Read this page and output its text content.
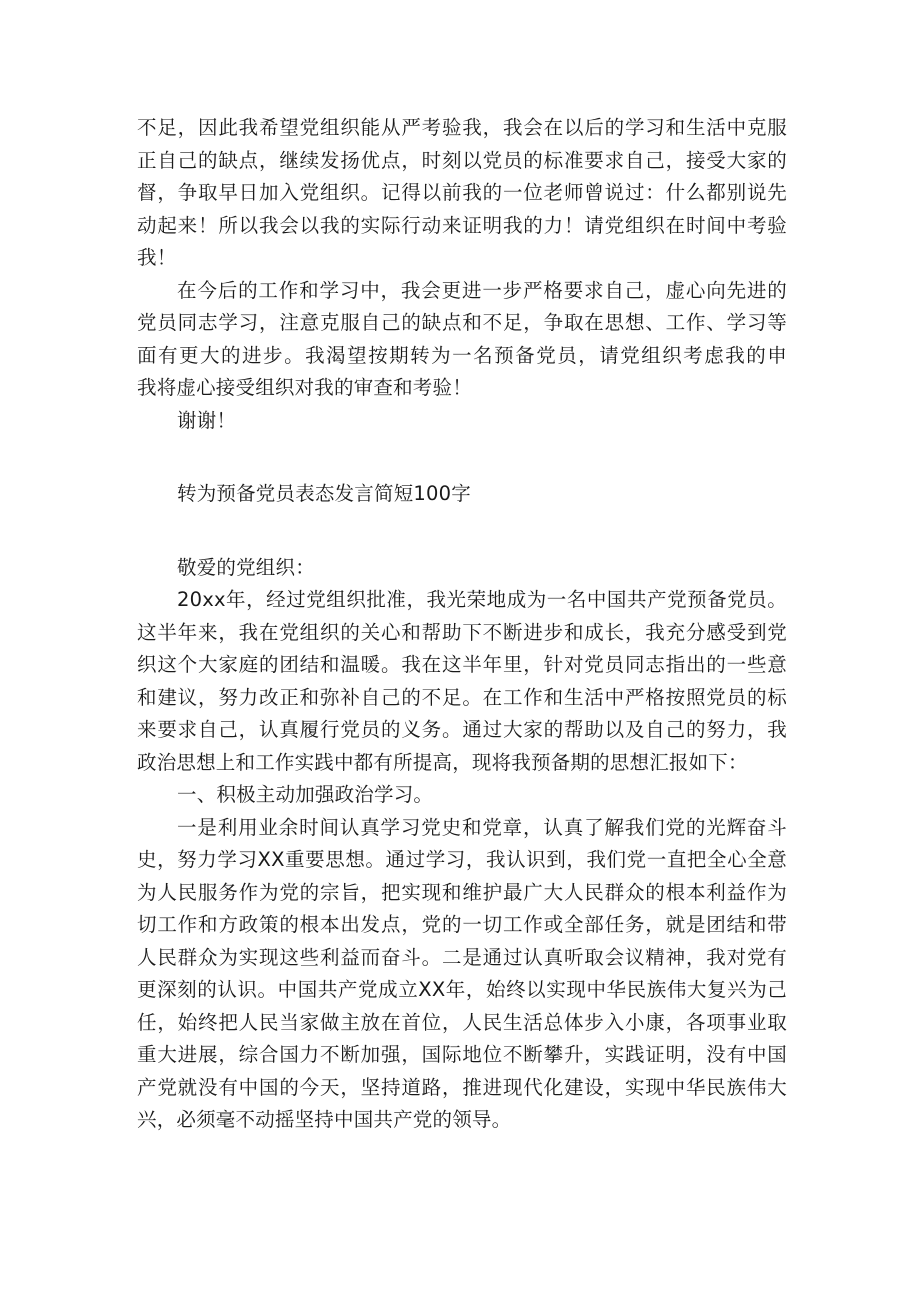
不足，因此我希望党组织能从严考验我，我会在以后的学习和生活中克服
正自己的缺点，继续发扬优点，时刻以党员的标准要求自己，接受大家的
督，争取早日加入党组织。记得以前我的一位老师曾说过：什么都别说先
动起来！所以我会以我的实际行动来证明我的力！请党组织在时间中考验
我！
在今后的工作和学习中，我会更进一步严格要求自己，虚心向先进的
党员同志学习，注意克服自己的缺点和不足，争取在思想、工作、学习等
面有更大的进步。我渴望按期转为一名预备党员，请党组织考虑我的申
我将虚心接受组织对我的审查和考验！
谢谢！
转为预备党员表态发言简短100字
敬爱的党组织：
20xx年，经过党组织批准，我光荣地成为一名中国共产党预备党员。
这半年来，我在党组织的关心和帮助下不断进步和成长，我充分感受到党
织这个大家庭的团结和温暖。我在这半年里，针对党员同志指出的一些意
和建议，努力改正和弥补自己的不足。在工作和生活中严格按照党员的标
来要求自己，认真履行党员的义务。通过大家的帮助以及自己的努力，我
政治思想上和工作实践中都有所提高，现将我预备期的思想汇报如下：
一、积极主动加强政治学习。
一是利用业余时间认真学习党史和党章，认真了解我们党的光辉奋斗
史，努力学习XX重要思想。通过学习，我认识到，我们党一直把全心全意
为人民服务作为党的宗旨，把实现和维护最广大人民群众的根本利益作为
切工作和方政策的根本出发点，党的一切工作或全部任务，就是团结和带
人民群众为实现这些利益而奋斗。二是通过认真听取会议精神，我对党有
更深刻的认识。中国共产党成立XX年，始终以实现中华民族伟大复兴为己
任，始终把人民当家做主放在首位，人民生活总体步入小康，各项事业取
重大进展，综合国力不断加强，国际地位不断攀升，实践证明，没有中国
产党就没有中国的今天，坚持道路，推进现代化建设，实现中华民族伟大
兴，必须毫不动摇坚持中国共产党的领导。
